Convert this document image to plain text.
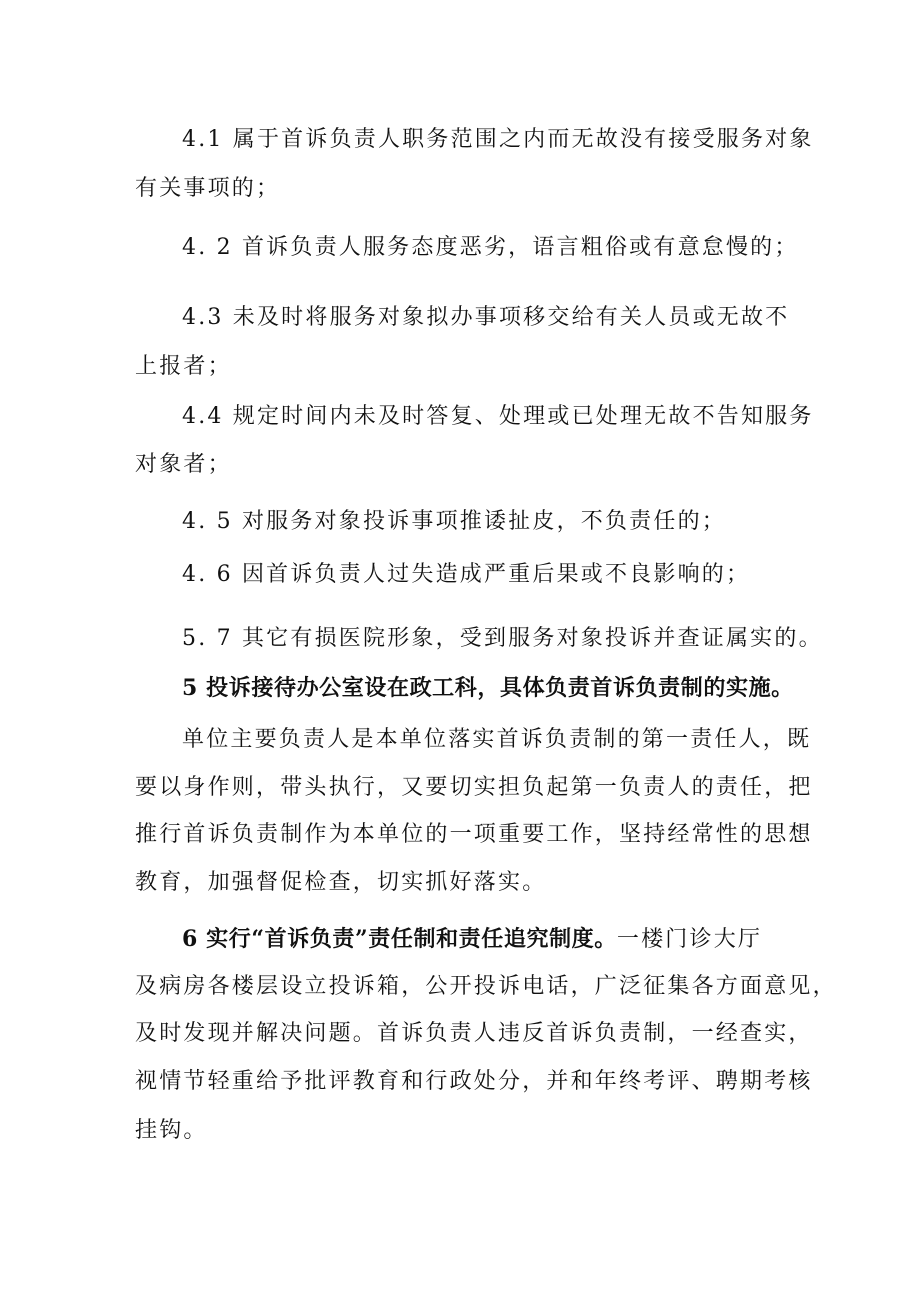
4.1 属于首诉负责人职务范围之内而无故没有接受服务对象
有关事项的；
4. 2 首诉负责人服务态度恶劣，语言粗俗或有意怠慢的；
4.3 未及时将服务对象拟办事项移交给有关人员或无故不
上报者；
4.4 规定时间内未及时答复、处理或已处理无故不告知服务
对象者；
4. 5 对服务对象投诉事项推诿扯皮，不负责任的；
4. 6 因首诉负责人过失造成严重后果或不良影响的；
5. 7 其它有损医院形象，受到服务对象投诉并查证属实的。
5 投诉接待办公室设在政工科，具体负责首诉负责制的实施。
单位主要负责人是本单位落实首诉负责制的第一责任人，既
要以身作则，带头执行，又要切实担负起第一负责人的责任，把
推行首诉负责制作为本单位的一项重要工作，坚持经常性的思想
教育，加强督促检查，切实抓好落实。
6 实行“首诉负责”责任制和责任追究制度。一楼门诊大厅
及病房各楼层设立投诉箱，公开投诉电话，广泛征集各方面意见，
及时发现并解决问题。首诉负责人违反首诉负责制，一经查实，
视情节轻重给予批评教育和行政处分，并和年终考评、聘期考核
挂钩。
